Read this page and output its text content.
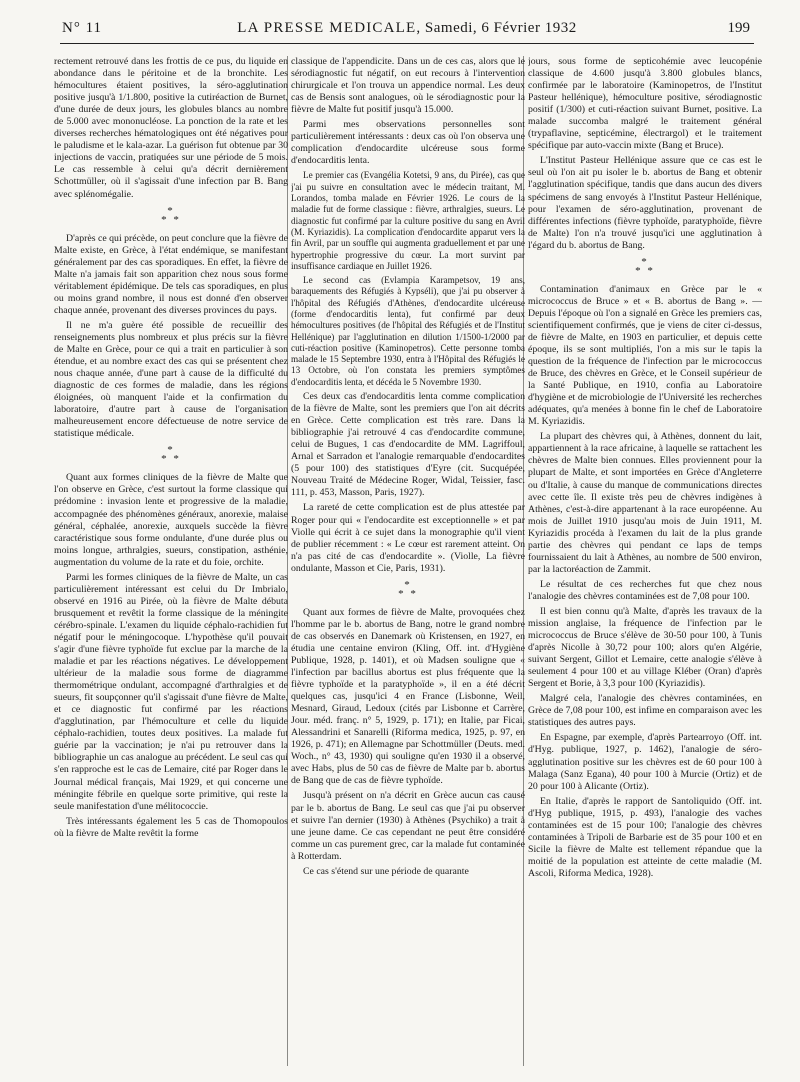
N° 11	LA PRESSE MEDICALE, Samedi, 6 Février 1932	199

rectement retrouvé dans les frottis de ce pus, du liquide en abondance dans le péritoine et de la bronchite. Les hémocultures étaient positives, la séro-agglutination positive jusqu'à 1/1.800, positive la cutiréaction de Burnet, d'une durée de deux jours, les globules blancs au nombre de 5.000 avec mononucléose. La ponction de la rate et les diverses recherches hématologiques ont été négatives pour le paludisme et le kala-azar. La guérison fut obtenue par 30 injections de vaccin, pratiquées sur une période de 5 mois. Le cas ressemble à celui qu'a décrit dernièrement Schottmüller, où il s'agissait d'une infection par B. Bang avec splénomégalie.

*
* *

D'après ce qui précède, on peut conclure que la fièvre de Malte existe, en Grèce, à l'état endémique, se manifestant généralement par des cas sporadiques. En effet, la fièvre de Malte n'a jamais fait son apparition chez nous sous forme véritablement épidémique. De tels cas sporadiques, en plus ou moins grand nombre, il nous est donné d'en observer chaque année, provenant des diverses provinces du pays.

Il ne m'a guère été possible de recueillir des renseignements plus nombreux et plus précis sur la fièvre de Malte en Grèce, pour ce qui a trait en particulier à son étendue, et au nombre exact des cas qui se présentent chez nous chaque année, d'une part à cause de la difficulté du diagnostic de ces formes de maladie, dans les régions éloignées, où manquent l'aide et la confirmation du laboratoire, d'autre part à cause de l'organisation malheureusement encore défectueuse de notre service de statistique médicale.

*
* *

Quant aux formes cliniques de la fièvre de Malte que l'on observe en Grèce, c'est surtout la forme classique qui prédomine : invasion lente et progressive de la maladie, accompagnée des phénomènes généraux, anorexie, malaise général, céphalée, anorexie, auxquels succède la fièvre caractéristique sous forme ondulante, d'une durée plus ou moins longue, arthralgies, sueurs, constipation, asthénie, augmentation du volume de la rate et du foie, orchite.

Parmi les formes cliniques de la fièvre de Malte, un cas particulièrement intéressant est celui du Dr Imbrialo, observé en 1916 au Pirée, où la fièvre de Malte débuta brusquement et revêtit la forme classique de la méningite cérébro-spinale. L'examen du liquide céphalo-rachidien fut négatif pour le méningocoque. L'hypothèse qu'il pouvait s'agir d'une fièvre typhoïde fut exclue par la marche de la maladie et par les réactions négatives. Le développement ultérieur de la maladie sous forme de diagramme thermométrique ondulant, accompagné d'arthralgies et de sueurs, fit soupçonner qu'il s'agissait d'une fièvre de Malte, et ce diagnostic fut confirmé par les réactions d'agglutination, par l'hémoculture et celle du liquide céphalo-rachidien, toutes deux positives. La malade fut guérie par la vaccination; je n'ai pu retrouver dans la bibliographie un cas analogue au précédent. Le seul cas qui s'en rapproche est le cas de Lemaire, cité par Roger dans le Journal médical français, Mai 1929, et qui concerne une méningite fébrile en quelque sorte primitive, qui reste la seule manifestation d'une mélitococcie.

Très intéressants également les 5 cas de Thomopoulos où la fièvre de Malte revêtit la forme

classique de l'appendicite. Dans un de ces cas, alors que le sérodiagnostic fut négatif, on eut recours à l'intervention chirurgicale et l'on trouva un appendice normal. Les deux cas de Bensis sont analogues, où le sérodiagnostic pour la fièvre de Malte fut positif jusqu'à 15.000.

Parmi mes observations personnelles sont particulièrement intéressants : deux cas où l'on observa une complication d'endocardite ulcéreuse sous forme d'endocarditis lenta.

Le premier cas (Evangélia Kotetsi, 9 ans, du Pirée), cas que j'ai pu suivre en consultation avec le médecin traitant, M. Lorandos, tomba malade en Février 1926. Le cours de la maladie fut de forme classique : fièvre, arthralgies, sueurs. Le diagnostic fut confirmé par la culture positive du sang en Avril (M. Kyriazidis). La complication d'endocardite apparut vers la fin Avril, par un souffle qui augmenta graduellement et par une hypertrophie progressive du cœur. La mort survint par insuffisance cardiaque en Juillet 1926.

Le second cas (Evlampia Karampetsov, 19 ans, baraquements des Réfugiés à Kypséli), que j'ai pu observer à l'hôpital des Réfugiés d'Athènes, d'endocardite ulcéreuse (forme d'endocarditis lenta), fut confirmé par deux hémocultures positives (de l'hôpital des Réfugiés et de l'Institut Hellénique) par l'agglutination en dilution 1/1500-1/2000 par cuti-réaction positive (Kaminopetros). Cette personne tomba malade le 15 Septembre 1930, entra à l'Hôpital des Réfugiés le 13 Octobre, où l'on constata les premiers symptômes d'endocarditis lenta, et décéda le 5 Novembre 1930.

Ces deux cas d'endocarditis lenta comme complication de la fièvre de Malte, sont les premiers que l'on ait décrits en Grèce. Cette complication est très rare. Dans la bibliographie j'ai retrouvé 4 cas d'endocardite commune, celui de Bugues, 1 cas d'endocardite de MM. Lagriffoul, Arnal et Sarradon et l'analogie remarquable d'endocardites (5 pour 100) des statistiques d'Eyre (cit. Sucquépée, Nouveau Traité de Médecine Roger, Widal, Teissier, fasc. 111, p. 453, Masson, Paris, 1927).

La rareté de cette complication est de plus attestée par Roger pour qui « l'endocardite est exceptionnelle » et par Violle qui écrit à ce sujet dans la monographie qu'il vient de publier récemment : « Le cœur est rarement atteint. On n'a pas cité de cas d'endocardite ». (Violle, La fièvre ondulante, Masson et Cie, Paris, 1931).

*
* *

Quant aux formes de fièvre de Malte, provoquées chez l'homme par le b. abortus de Bang, notre le grand nombre de cas observés en Danemark où Kristensen, en 1927, en étudia une centaine environ (Kling, Off. int. d'Hygiène Publique, 1928, p. 1401), et où Madsen souligne que « l'infection par bacillus abortus est plus fréquente que la fièvre typhoïde et la paratyphoïde », il en a été décrit quelques cas, jusqu'ici 4 en France (Lisbonne, Weil, Mesnard, Giraud, Ledoux (cités par Lisbonne et Carrère, Jour. méd. franç. n° 5, 1929, p. 171); en Italie, par Ficai, Alessandrini et Sanarelli (Riforma medica, 1925, p. 97, en 1926, p. 471); en Allemagne par Schottmüller (Deuts. med. Woch., n° 43, 1930) qui souligne qu'en 1930 il a observé, avec Habs, plus de 50 cas de fièvre de Malte par b. abortus de Bang que de cas de fièvre typhoïde.

Jusqu'à présent on n'a décrit en Grèce aucun cas causé par le b. abortus de Bang. Le seul cas que j'ai pu observer et suivre l'an dernier (1930) à Athènes (Psychiko) a trait à une jeune dame. Ce cas cependant ne peut être considéré comme un cas purement grec, car la malade fut contaminée à Rotterdam.

Ce cas s'étend sur une période de quarante

jours, sous forme de septicohémie avec leucopénie classique de 4.600 jusqu'à 3.800 globules blancs, confirmée par le laboratoire (Kaminopetros, de l'Institut Pasteur hellénique), hémoculture positive, sérodiagnostic positif (1/300) et cuti-réaction suivant Burnet, positive. La malade succomba malgré le traitement général (trypaflavine, septicémine, électrargol) et le traitement spécifique par auto-vaccin mixte (Bang et Bruce).

L'Institut Pasteur Hellénique assure que ce cas est le seul où l'on ait pu isoler le b. abortus de Bang et obtenir l'agglutination spécifique, tandis que dans aucun des divers spécimens de sang envoyés à l'Institut Pasteur Hellénique, pour l'examen de séro-agglutination, provenant de différentes infections (fièvre typhoïde, paratyphoïde, fièvre de Malte) l'on n'a trouvé jusqu'ici une agglutination à l'égard du b. abortus de Bang.

*
* *

Contamination d'animaux en Grèce par le « micrococcus de Bruce » et « B. abortus de Bang ». — Depuis l'époque où l'on a signalé en Grèce les premiers cas, scientifiquement confirmés, que je viens de citer ci-dessus, de fièvre de Malte, en 1903 en particulier, et depuis cette époque, ils se sont multipliés, l'on a mis sur le tapis la question de la fréquence de l'infection par le micrococcus de Bruce, des chèvres en Grèce, et le Conseil supérieur de la Santé Publique, en 1910, confia au Laboratoire d'hygiène et de microbiologie de l'Université les recherches adéquates, qu'a menées à bonne fin le chef de Laboratoire M. Kyriazidis.

La plupart des chèvres qui, à Athènes, donnent du lait, appartiennent à la race africaine, à laquelle se rattachent les chèvres de Malte bien connues. Elles proviennent pour la plupart de Malte, et sont importées en Grèce d'Angleterre ou d'Italie, à cause du manque de communications directes avec cette île. Il existe très peu de chèvres indigènes à Athènes, c'est-à-dire appartenant à la race européenne. Au mois de Juillet 1910 jusqu'au mois de Juin 1911, M. Kyriazidis procéda à l'examen du lait de la plus grande partie des chèvres qui pendant ce laps de temps fournissaient du lait à Athènes, au nombre de 500 environ, par la lactoréaction de Zammit.

Le résultat de ces recherches fut que chez nous l'analogie des chèvres contaminées est de 7,08 pour 100.

Il est bien connu qu'à Malte, d'après les travaux de la mission anglaise, la fréquence de l'infection par le micrococcus de Bruce s'élève de 30-50 pour 100, à Tunis d'après Nicolle à 30,72 pour 100; alors qu'en Algérie, suivant Sergent, Gillot et Lemaire, cette analogie s'élève à seulement 4 pour 100 et au village Kléber (Oran) d'après Sergent et Borie, à 3,3 pour 100 (Kyriazidis).

Malgré cela, l'analogie des chèvres contaminées, en Grèce de 7,08 pour 100, est infime en comparaison avec les statistiques des autres pays.

En Espagne, par exemple, d'après Partearroyo (Off. int. d'Hyg. publique, 1927, p. 1462), l'analogie de séro-agglutination positive sur les chèvres est de 60 pour 100 à Malaga (Sanz Egana), 40 pour 100 à Murcie (Ortiz) et de 20 pour 100 à Alicante (Ortiz).

En Italie, d'après le rapport de Santoliquido (Off. int. d'Hyg publique, 1915, p. 493), l'analogie des vaches contaminées est de 15 pour 100; l'analogie des chèvres contaminées à Tripoli de Barbarie est de 35 pour 100 et en Sicile la fièvre de Malte est tellement répandue que la moitié de la population est atteinte de cette maladie (M. Ascoli, Riforma Medica, 1928).
